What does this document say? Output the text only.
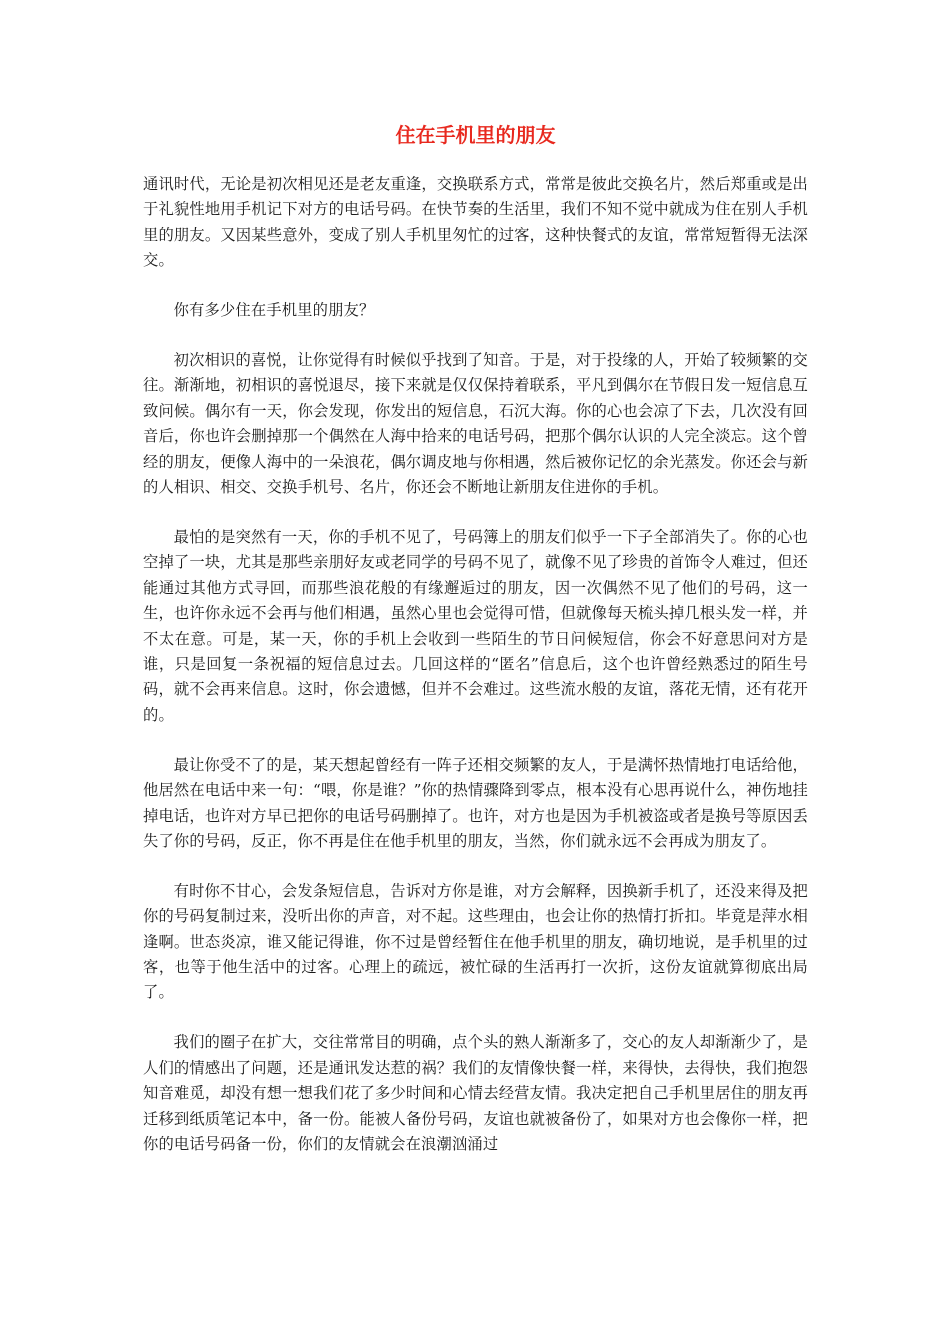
住在手机里的朋友

通讯时代，无论是初次相见还是老友重逢，交换联系方式，常常是彼此交换名片，然后郑重或是出于礼貌性地用手机记下对方的电话号码。在快节奏的生活里，我们不知不觉中就成为住在别人手机里的朋友。又因某些意外，变成了别人手机里匆忙的过客，这种快餐式的友谊，常常短暂得无法深交。

你有多少住在手机里的朋友？

初次相识的喜悦，让你觉得有时候似乎找到了知音。于是，对于投缘的人，开始了较频繁的交往。渐渐地，初相识的喜悦退尽，接下来就是仅仅保持着联系，平凡到偶尔在节假日发一短信息互致问候。偶尔有一天，你会发现，你发出的短信息，石沉大海。你的心也会凉了下去，几次没有回音后，你也许会删掉那一个偶然在人海中拾来的电话号码，把那个偶尔认识的人完全淡忘。这个曾经的朋友，便像人海中的一朵浪花，偶尔调皮地与你相遇，然后被你记忆的余光蒸发。你还会与新的人相识、相交、交换手机号、名片，你还会不断地让新朋友住进你的手机。

最怕的是突然有一天，你的手机不见了，号码簿上的朋友们似乎一下子全部消失了。你的心也空掉了一块，尤其是那些亲朋好友或老同学的号码不见了，就像不见了珍贵的首饰令人难过，但还能通过其他方式寻回，而那些浪花般的有缘邂逅过的朋友，因一次偶然不见了他们的号码，这一生，也许你永远不会再与他们相遇，虽然心里也会觉得可惜，但就像每天梳头掉几根头发一样，并不太在意。可是，某一天，你的手机上会收到一些陌生的节日问候短信，你会不好意思问对方是谁，只是回复一条祝福的短信息过去。几回这样的“匿名”信息后，这个也许曾经熟悉过的陌生号码，就不会再来信息。这时，你会遗憾，但并不会难过。这些流水般的友谊，落花无情，还有花开的。

最让你受不了的是，某天想起曾经有一阵子还相交频繁的友人，于是满怀热情地打电话给他，他居然在电话中来一句：“喂，你是谁？”你的热情骤降到零点，根本没有心思再说什么，神伤地挂掉电话，也许对方早已把你的电话号码删掉了。也许，对方也是因为手机被盗或者是换号等原因丢失了你的号码，反正，你不再是住在他手机里的朋友，当然，你们就永远不会再成为朋友了。

有时你不甘心，会发条短信息，告诉对方你是谁，对方会解释，因换新手机了，还没来得及把你的号码复制过来，没听出你的声音，对不起。这些理由，也会让你的热情打折扣。毕竟是萍水相逢啊。世态炎凉，谁又能记得谁，你不过是曾经暂住在他手机里的朋友，确切地说，是手机里的过客，也等于他生活中的过客。心理上的疏远，被忙碌的生活再打一次折，这份友谊就算彻底出局了。

我们的圈子在扩大，交往常常目的明确，点个头的熟人渐渐多了，交心的友人却渐渐少了，是人们的情感出了问题，还是通讯发达惹的祸？我们的友情像快餐一样，来得快，去得快，我们抱怨知音难觅，却没有想一想我们花了多少时间和心情去经营友情。我决定把自己手机里居住的朋友再迁移到纸质笔记本中，备一份。能被人备份号码，友谊也就被备份了，如果对方也会像你一样，把你的电话号码备一份，你们的友情就会在浪潮汹涌过
